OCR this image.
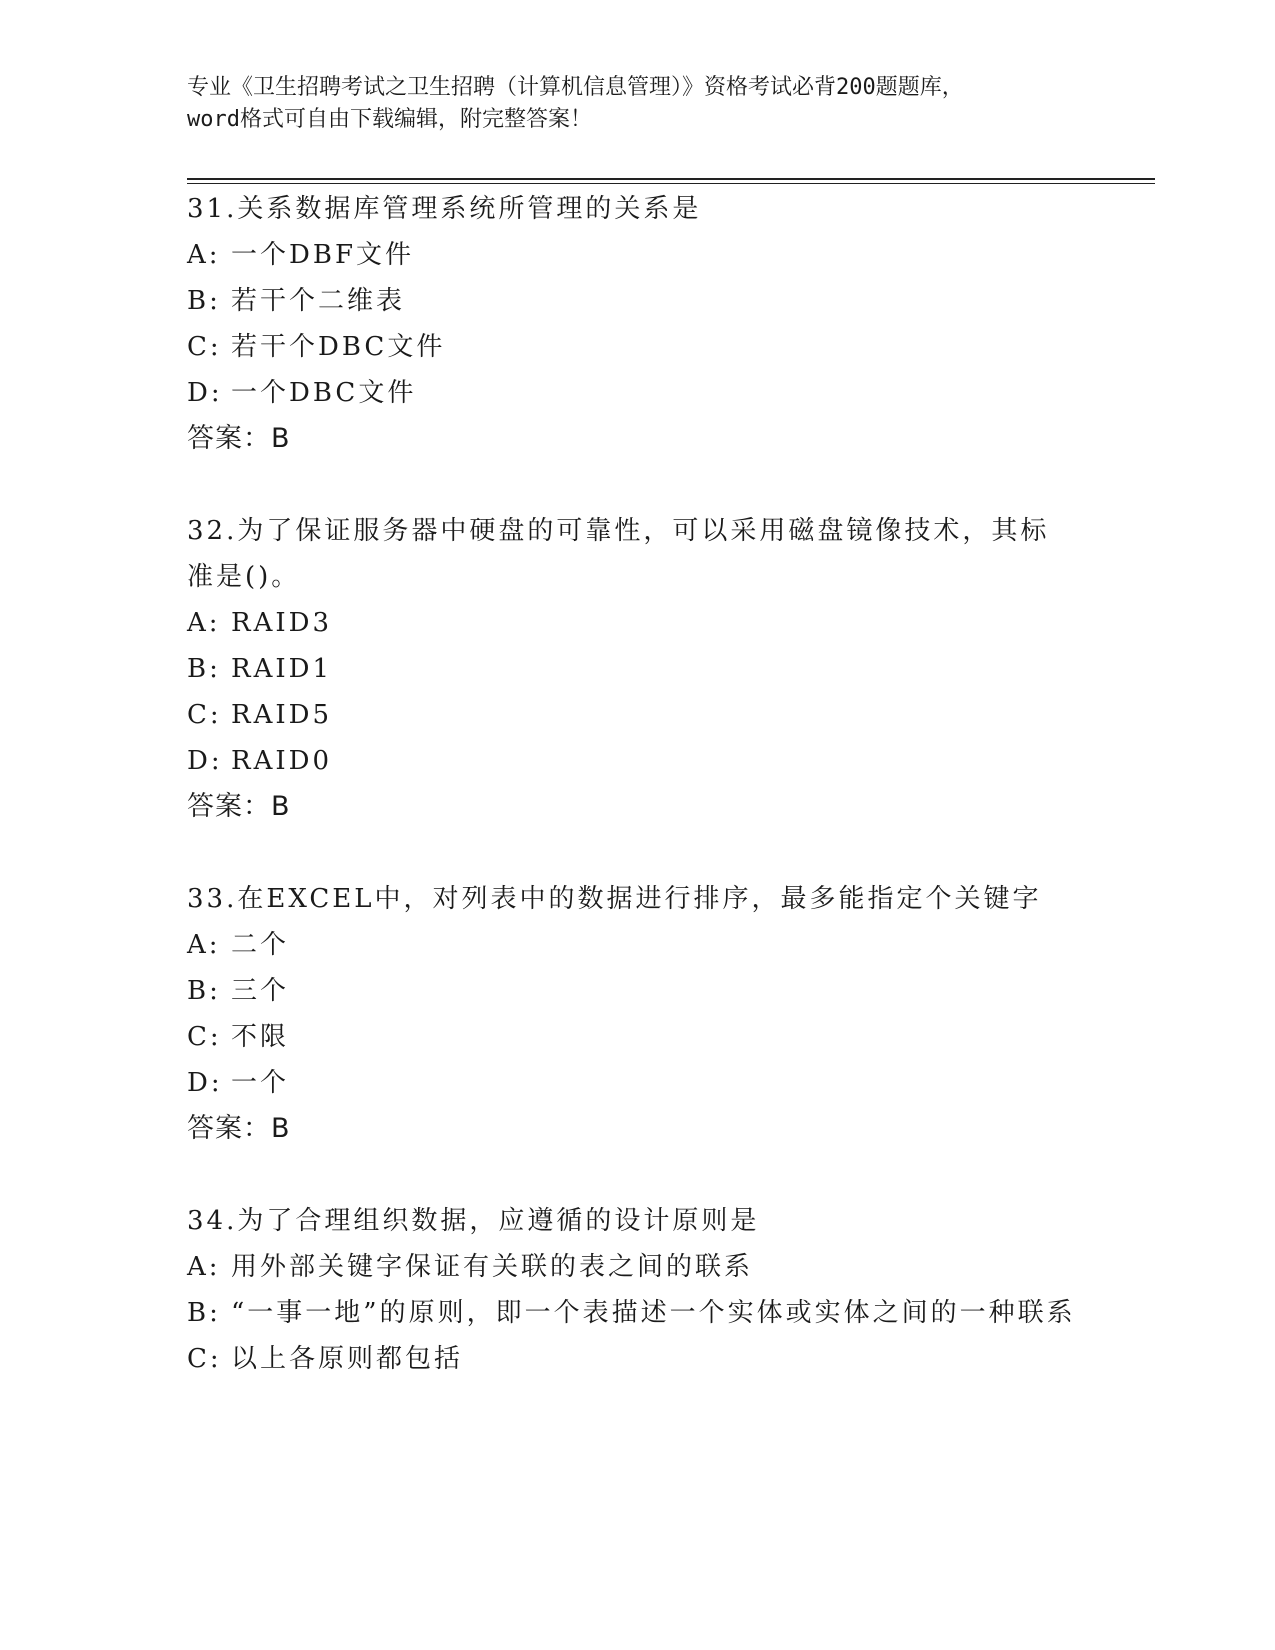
专业《卫生招聘考试之卫生招聘（计算机信息管理）》资格考试必背200题题库，
word格式可自由下载编辑，附完整答案！
31.关系数据库管理系统所管理的关系是
A: 一个DBF文件
B: 若干个二维表
C: 若干个DBC文件
D: 一个DBC文件
答案：B
32.为了保证服务器中硬盘的可靠性，可以采用磁盘镜像技术，其标准是()。
A: RAID3
B: RAID1
C: RAID5
D: RAID0
答案：B
33.在EXCEL中，对列表中的数据进行排序，最多能指定个关键字
A: 二个
B: 三个
C: 不限
D: 一个
答案：B
34.为了合理组织数据，应遵循的设计原则是
A: 用外部关键字保证有关联的表之间的联系
B: “一事一地”的原则，即一个表描述一个实体或实体之间的一种联系
C: 以上各原则都包括
